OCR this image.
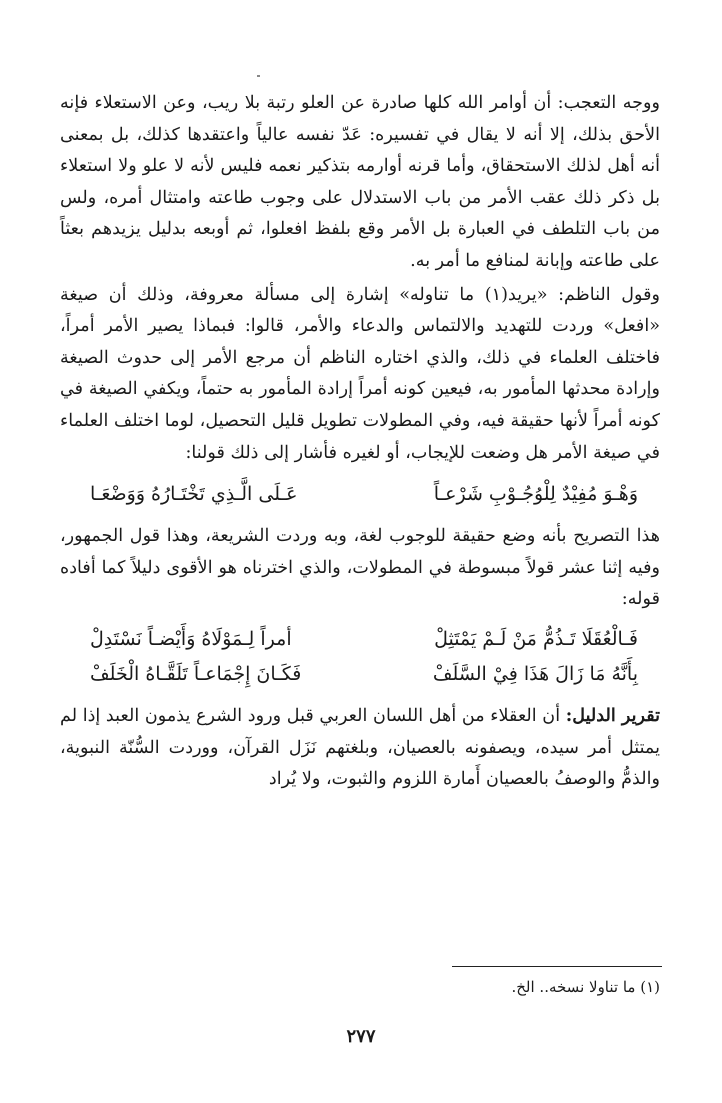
ووجه التعجب: أن أوامر الله كلها صادرة عن العلو رتبة بلا ريب، وعن الاستعلاء فإنه الأحق بذلك، إلا أنه لا يقال في تفسيره: عَدّ نفسه عالياً واعتقدها كذلك، بل بمعنى أنه أهل لذلك الاستحقاق، وأما قرنه أوارمه بتذكير نعمه فليس لأنه لا علو ولا استعلاء بل ذكر ذلك عقب الأمر من باب الاستدلال على وجوب طاعته وامتثال أمره، ولس من باب التلطف في العبارة بل الأمر وقع بلفظ افعلوا، ثم أوبعه بدليل يزيدهم بعثاً على طاعته وإبانة لمنافع ما أمر به.

وقول الناظم: «يريد(١) ما تناوله» إشارة إلى مسألة معروفة، وذلك أن صيغة «افعل» وردت للتهديد والالتماس والدعاء والأمر، قالوا: فبماذا يصير الأمر أمراً، فاختلف العلماء في ذلك، والذي اختاره الناظم أن مرجع الأمر إلى حدوث الصيغة وإرادة محدثها المأمور به، فيعين كونه أمراً إرادة المأمور به حتماً، ويكفي الصيغة في كونه أمراً لأنها حقيقة فيه، وفي المطولات تطويل قليل التحصيل، لوما اختلف العلماء في صيغة الأمر هل وضعت للإيجاب، أو لغيره فأشار إلى ذلك قولنا:

وَهْـوَ مُفِيْدٌ لِلْوُجُـوْبِ شَرْعـاً
عَـلَى الَّـذِي تَخْتَـارُهُ وَوَضْعَـا

هذا التصريح بأنه وضع حقيقة للوجوب لغة، وبه وردت الشريعة، وهذا قول الجمهور، وفيه إثنا عشر قولاً مبسوطة في المطولات، والذي اخترناه هو الأقوى دليلاً كما أفاده قوله:

فَـالْعُقَلَا تَـذُمُّ مَنْ لَـمْ يَمْتَثِلْ
أمراً لِـمَوْلَاهُ وَأَيْضـاً نَسْتَدِلْ
بِأَنَّهُ مَا زَالَ هَذَا فِيْ السَّلَفْ
فَكَـانَ إِجْمَاعـاً تَلَقَّـاهُ الْخَلَفْ

تقرير الدليل: أن العقلاء من أهل اللسان العربي قبل ورود الشرع يذمون العبد إذا لم يمتثل أمر سيده، ويصفونه بالعصيان، وبلغتهم نَزَل القرآن، ووردت السُّنّة النبوية، والذمُّ والوصفُ بالعصيان أَمارة اللزوم والثبوت، ولا يُراد

(١) ما تناولا نسخه.. الخ.
٢٧٧
